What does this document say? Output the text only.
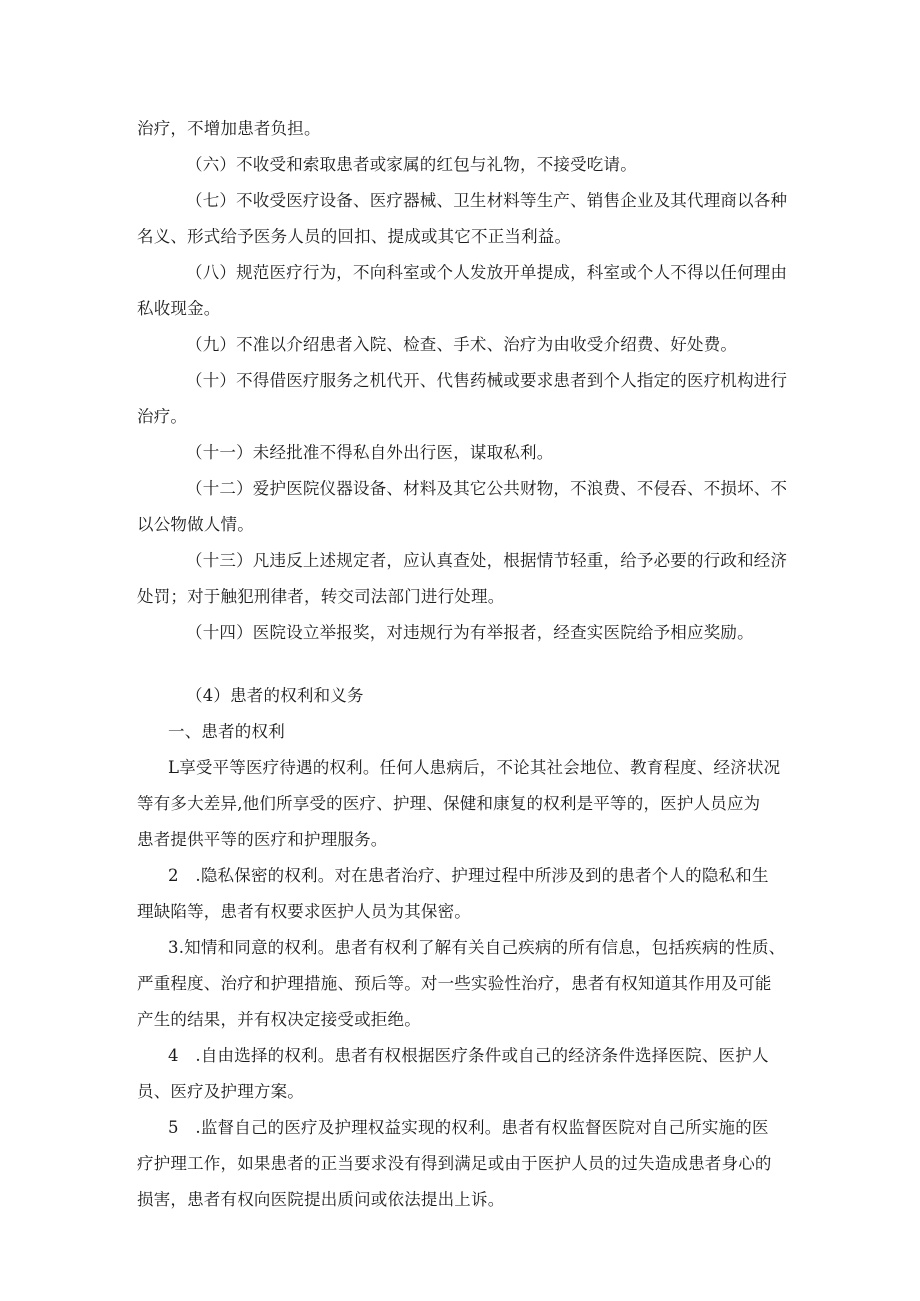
治疗，不增加患者负担。

（六）不收受和索取患者或家属的红包与礼物，不接受吃请。

（七）不收受医疗设备、医疗器械、卫生材料等生产、销售企业及其代理商以各种

名义、形式给予医务人员的回扣、提成或其它不正当利益。

（八）规范医疗行为，不向科室或个人发放开单提成，科室或个人不得以任何理由

私收现金。

（九）不准以介绍患者入院、检查、手术、治疗为由收受介绍费、好处费。

（十）不得借医疗服务之机代开、代售药械或要求患者到个人指定的医疗机构进行

治疗。

（十一）未经批准不得私自外出行医，谋取私利。

（十二）爱护医院仪器设备、材料及其它公共财物，不浪费、不侵吞、不损坏、不

以公物做人情。

（十三）凡违反上述规定者，应认真查处，根据情节轻重，给予必要的行政和经济

处罚；对于触犯刑律者，转交司法部门进行处理。

（十四）医院设立举报奖，对违规行为有举报者，经查实医院给予相应奖励。

（4）患者的权利和义务

一、患者的权利

L享受平等医疗待遇的权利。任何人患病后，不论其社会地位、教育程度、经济状况

等有多大差异,他们所享受的医疗、护理、保健和康复的权利是平等的，医护人员应为

患者提供平等的医疗和护理服务。

2　.隐私保密的权利。对在患者治疗、护理过程中所涉及到的患者个人的隐私和生

理缺陷等，患者有权要求医护人员为其保密。

3.知情和同意的权利。患者有权利了解有关自己疾病的所有信息，包括疾病的性质、

严重程度、治疗和护理措施、预后等。对一些实验性治疗，患者有权知道其作用及可能

产生的结果，并有权决定接受或拒绝。

4　.自由选择的权利。患者有权根据医疗条件或自己的经济条件选择医院、医护人

员、医疗及护理方案。

5　.监督自己的医疗及护理权益实现的权利。患者有权监督医院对自己所实施的医

疗护理工作，如果患者的正当要求没有得到满足或由于医护人员的过失造成患者身心的

损害，患者有权向医院提出质问或依法提出上诉。
